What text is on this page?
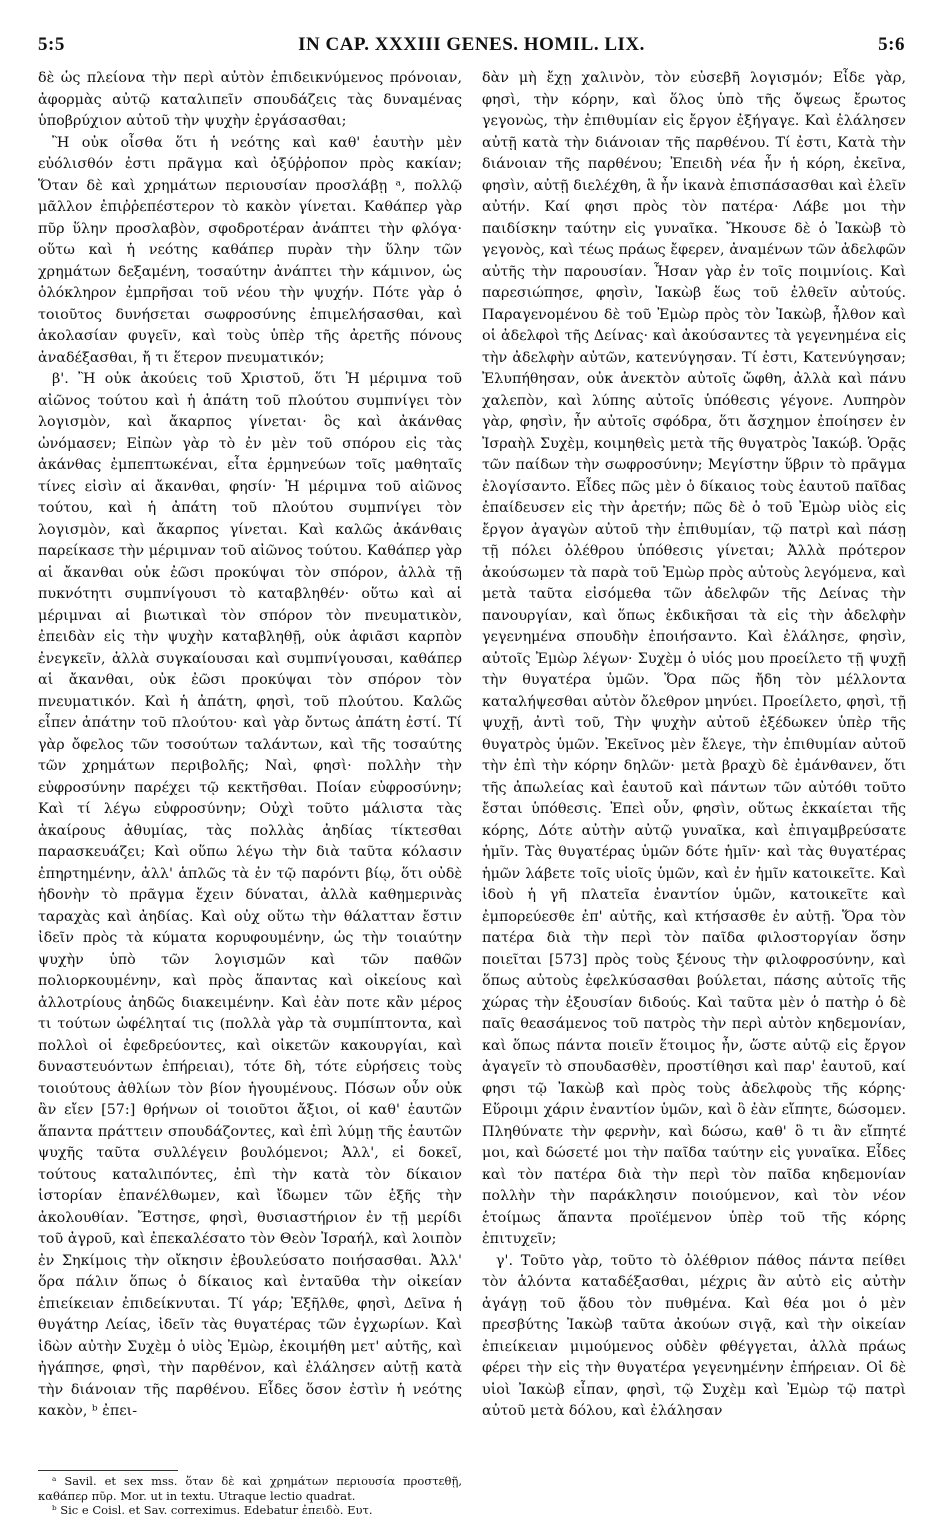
5:5	IN CAP. XXXIII GENES. HOMIL. LIX.	5:6

δὲ ὡς πλείονα τὴν περὶ αὐτὸν ἐπιδεικνύμενος πρόνοιαν, ἀφορμὰς αὐτῷ καταλιπεῖν σπουδάζεις τὰς δυναμένας ὑποβρύχιον αὐτοῦ τὴν ψυχὴν ἐργάσασθαι;

Ἢ οὐκ οἶσθα ὅτι ἡ νεότης καὶ καθ' ἑαυτὴν μὲν εὐόλισθόν ἐστι πρᾶγμα καὶ ὀξύῤῥοπον πρὸς κακίαν; Ὅταν δὲ καὶ χρημάτων περιουσίαν προσλάβῃ ᵃ, πολλῷ μᾶλλον ἐπιῤῥεπέστερον τὸ κακὸν γίνεται. Καθάπερ γὰρ πῦρ ὕλην προσλαβὸν, σφοδροτέραν ἀνάπτει τὴν φλόγα· οὕτω καὶ ἡ νεότης καθάπερ πυρὰν τὴν ὕλην τῶν χρημάτων δεξαμένη, τοσαύτην ἀνάπτει τὴν κάμινον, ὡς ὁλόκληρον ἐμπρῆσαι τοῦ νέου τὴν ψυχήν. Πότε γὰρ ὁ τοιοῦτος δυνήσεται σωφροσύνης ἐπιμελήσασθαι, καὶ ἀκολασίαν φυγεῖν, καὶ τοὺς ὑπὲρ τῆς ἀρετῆς πόνους ἀναδέξασθαι, ἤ τι ἕτερον πνευματικόν;

β'. Ἢ οὐκ ἀκούεις τοῦ Χριστοῦ, ὅτι Ἡ μέριμνα τοῦ αἰῶνος τούτου καὶ ἡ ἀπάτη τοῦ πλούτου συμπνίγει τὸν λογισμὸν, καὶ ἄκαρπος γίνεται· ὃς καὶ ἀκάνθας ὠνόμασεν; Εἰπὼν γὰρ τὸ ἐν μὲν τοῦ σπόρου εἰς τὰς ἀκάνθας ἐμπεπτωκέναι, εἶτα ἑρμηνεύων τοῖς μαθηταῖς τίνες εἰσὶν αἱ ἄκανθαι, φησίν· Ἡ μέριμνα τοῦ αἰῶνος τούτου, καὶ ἡ ἀπάτη τοῦ πλούτου συμπνίγει τὸν λογισμὸν, καὶ ἄκαρπος γίνεται. Καὶ καλῶς ἀκάνθαις παρείκασε τὴν μέριμναν τοῦ αἰῶνος τούτου. Καθάπερ γὰρ αἱ ἄκανθαι οὐκ ἐῶσι προκύψαι τὸν σπόρον, ἀλλὰ τῇ πυκνότητι συμπνίγουσι τὸ καταβληθέν· οὕτω καὶ αἱ μέριμναι αἱ βιωτικαὶ τὸν σπόρον τὸν πνευματικὸν, ἐπειδὰν εἰς τὴν ψυχὴν καταβληθῇ, οὐκ ἀφιᾶσι καρπὸν ἐνεγκεῖν, ἀλλὰ συγκαίουσαι καὶ συμπνίγουσαι, καθάπερ αἱ ἄκανθαι, οὐκ ἐῶσι προκύψαι τὸν σπόρον τὸν πνευματικόν. Καὶ ἡ ἀπάτη, φησὶ, τοῦ πλούτου. Καλῶς εἶπεν ἀπάτην τοῦ πλούτου· καὶ γὰρ ὄντως ἀπάτη ἐστί. Τί γὰρ ὄφελος τῶν τοσούτων ταλάντων, καὶ τῆς τοσαύτης τῶν χρημάτων περιβολῆς; Ναὶ, φησὶ· πολλὴν τὴν εὐφροσύνην παρέχει τῷ κεκτῆσθαι. Ποίαν εὐφροσύνην; Καὶ τί λέγω εὐφροσύνην; Οὐχὶ τοῦτο μάλιστα τὰς ἀκαίρους ἀθυμίας, τὰς πολλὰς ἀηδίας τίκτεσθαι παρασκευάζει; Καὶ οὕπω λέγω τὴν διὰ ταῦτα κόλασιν ἐπηρτημένην, ἀλλ' ἁπλῶς τὰ ἐν τῷ παρόντι βίῳ, ὅτι οὐδὲ ἡδονὴν τὸ πρᾶγμα ἔχειν δύναται, ἀλλὰ καθημερινὰς ταραχὰς καὶ ἀηδίας. Καὶ οὐχ οὕτω τὴν θάλατταν ἔστιν ἰδεῖν πρὸς τὰ κύματα κορυφουμένην, ὡς τὴν τοιαύτην ψυχὴν ὑπὸ τῶν λογισμῶν καὶ τῶν παθῶν πολιορκουμένην, καὶ πρὸς ἅπαντας καὶ οἰκείους καὶ ἀλλοτρίους ἀηδῶς διακειμένην. Καὶ ἐὰν ποτε κἂν μέρος τι τούτων ὠφέληταί τις (πολλὰ γὰρ τὰ συμπίπτοντα, καὶ πολλοὶ οἱ ἐφεδρεύοντες, καὶ οἰκετῶν κακουργίαι, καὶ δυναστευόντων ἐπήρειαι), τότε δὴ, τότε εὑρήσεις τοὺς τοιούτους ἀθλίων τὸν βίον ἡγουμένους. Πόσων οὖν οὐκ ἂν εἴεν [57:] θρήνων οἱ τοιοῦτοι ἄξιοι, οἱ καθ' ἑαυτῶν ἅπαντα πράττειν σπουδάζοντες, καὶ ἐπὶ λύμῃ τῆς ἑαυτῶν ψυχῆς ταῦτα συλλέγειν βουλόμενοι; Ἀλλ', εἰ δοκεῖ, τούτους καταλιπόντες, ἐπὶ τὴν κατὰ τὸν δίκαιον ἱστορίαν ἐπανέλθωμεν, καὶ ἴδωμεν τῶν ἑξῆς τὴν ἀκολουθίαν. Ἔστησε, φησὶ, θυσιαστήριον ἐν τῇ μερίδι τοῦ ἀγροῦ, καὶ ἐπεκαλέσατο τὸν Θεὸν Ἰσραήλ, καὶ λοιπὸν ἐν Σηκίμοις τὴν οἴκησιν ἐβουλεύσατο ποιήσασθαι. Ἀλλ' ὅρα πάλιν ὅπως ὁ δίκαιος καὶ ἐνταῦθα τὴν οἰκείαν ἐπιείκειαν ἐπιδείκνυται. Τί γάρ; Ἐξῆλθε, φησὶ, Δεῖνα ἡ θυγάτηρ Λείας, ἰδεῖν τὰς θυγατέρας τῶν ἐγχωρίων. Καὶ ἰδὼν αὐτὴν Συχὲμ ὁ υἱὸς Ἐμὼρ, ἐκοιμήθη μετ' αὐτῆς, καὶ ἠγάπησε, φησὶ, τὴν παρθένον, καὶ ἐλάλησεν αὐτῇ κατὰ τὴν διάνοιαν τῆς παρθένου. Εἶδες ὅσον ἐστὶν ἡ νεότης κακὸν, ᵇ ἐπει-

δὰν μὴ ἔχῃ χαλινὸν, τὸν εὐσεβῆ λογισμόν; Εἶδε γὰρ, φησὶ, τὴν κόρην, καὶ ὅλος ὑπὸ τῆς ὄψεως ἔρωτος γεγονὼς, τὴν ἐπιθυμίαν εἰς ἔργον ἐξήγαγε. Καὶ ἐλάλησεν αὐτῇ κατὰ τὴν διάνοιαν τῆς παρθένου. Τί ἐστι, Κατὰ τὴν διάνοιαν τῆς παρθένου; Ἐπειδὴ νέα ἦν ἡ κόρη, ἐκεῖνα, φησὶν, αὐτῇ διελέχθη, ἃ ἦν ἱκανὰ ἐπισπάσασθαι καὶ ἑλεῖν αὐτήν. Καί φησι πρὸς τὸν πατέρα· Λάβε μοι τὴν παιδίσκην ταύτην εἰς γυναῖκα. Ἤκουσε δὲ ὁ Ἰακὼβ τὸ γεγονὸς, καὶ τέως πράως ἔφερεν, ἀναμένων τῶν ἀδελφῶν αὐτῆς τὴν παρουσίαν. Ἦσαν γὰρ ἐν τοῖς ποιμνίοις. Καὶ παρεσιώπησε, φησὶν, Ἰακὼβ ἕως τοῦ ἐλθεῖν αὐτούς. Παραγενομένου δὲ τοῦ Ἐμὼρ πρὸς τὸν Ἰακὼβ, ἦλθον καὶ οἱ ἀδελφοὶ τῆς Δείνας· καὶ ἀκούσαντες τὰ γεγενημένα εἰς τὴν ἀδελφὴν αὐτῶν, κατενύγησαν. Τί ἐστι, Κατενύγησαν; Ἐλυπήθησαν, οὐκ ἀνεκτὸν αὐτοῖς ὤφθη, ἀλλὰ καὶ πάνυ χαλεπὸν, καὶ λύπης αὐτοῖς ὑπόθεσις γέγονε. Λυπηρὸν γὰρ, φησὶν, ἦν αὐτοῖς σφόδρα, ὅτι ἄσχημον ἐποίησεν ἐν Ἰσραὴλ Συχὲμ, κοιμηθεὶς μετὰ τῆς θυγατρὸς Ἰακώβ. Ὁρᾷς τῶν παίδων τὴν σωφροσύνην; Μεγίστην ὕβριν τὸ πρᾶγμα ἐλογίσαντο. Εἶδες πῶς μὲν ὁ δίκαιος τοὺς ἑαυτοῦ παῖδας ἐπαίδευσεν εἰς τὴν ἀρετήν; πῶς δὲ ὁ τοῦ Ἐμὼρ υἱὸς εἰς ἔργον ἀγαγὼν αὐτοῦ τὴν ἐπιθυμίαν, τῷ πατρὶ καὶ πάσῃ τῇ πόλει ὀλέθρου ὑπόθεσις γίνεται; Ἀλλὰ πρότερον ἀκούσωμεν τὰ παρὰ τοῦ Ἐμὼρ πρὸς αὐτοὺς λεγόμενα, καὶ μετὰ ταῦτα εἰσόμεθα τῶν ἀδελφῶν τῆς Δείνας τὴν πανουργίαν, καὶ ὅπως ἐκδικῆσαι τὰ εἰς τὴν ἀδελφὴν γεγενημένα σπουδὴν ἐποιήσαντο. Καὶ ἐλάλησε, φησὶν, αὐτοῖς Ἐμὼρ λέγων· Συχὲμ ὁ υἱός μου προείλετο τῇ ψυχῇ τὴν θυγατέρα ὑμῶν. Ὅρα πῶς ἤδη τὸν μέλλοντα καταλήψεσθαι αὐτὸν ὄλεθρον μηνύει. Προείλετο, φησὶ, τῇ ψυχῇ, ἀντὶ τοῦ, Τὴν ψυχὴν αὐτοῦ ἐξέδωκεν ὑπὲρ τῆς θυγατρὸς ὑμῶν. Ἐκεῖνος μὲν ἔλεγε, τὴν ἐπιθυμίαν αὐτοῦ τὴν ἐπὶ τὴν κόρην δηλῶν· μετὰ βραχὺ δὲ ἐμάνθανεν, ὅτι τῆς ἀπωλείας καὶ ἑαυτοῦ καὶ πάντων τῶν αὐτόθι τοῦτο ἔσται ὑπόθεσις. Ἐπεὶ οὖν, φησὶν, οὕτως ἐκκαίεται τῆς κόρης, Δότε αὐτὴν αὐτῷ γυναῖκα, καὶ ἐπιγαμβρεύσατε ἡμῖν. Τὰς θυγατέρας ὑμῶν δότε ἡμῖν· καὶ τὰς θυγατέρας ἡμῶν λάβετε τοῖς υἱοῖς ὑμῶν, καὶ ἐν ἡμῖν κατοικεῖτε. Καὶ ἰδοὺ ἡ γῆ πλατεῖα ἐναντίον ὑμῶν, κατοικεῖτε καὶ ἐμπορεύεσθε ἐπ' αὐτῆς, καὶ κτήσασθε ἐν αὐτῇ. Ὅρα τὸν πατέρα διὰ τὴν περὶ τὸν παῖδα φιλοστοργίαν ὅσην ποιεῖται [573] πρὸς τοὺς ξένους τὴν φιλοφροσύνην, καὶ ὅπως αὐτοὺς ἐφελκύσασθαι βούλεται, πάσης αὐτοῖς τῆς χώρας τὴν ἐξουσίαν διδούς. Καὶ ταῦτα μὲν ὁ πατὴρ ὁ δὲ παῖς θεασάμενος τοῦ πατρὸς τὴν περὶ αὐτὸν κηδεμονίαν, καὶ ὅπως πάντα ποιεῖν ἕτοιμος ἦν, ὥστε αὐτῷ εἰς ἔργον ἀγαγεῖν τὸ σπουδασθὲν, προστίθησι καὶ παρ' ἑαυτοῦ, καί φησι τῷ Ἰακὼβ καὶ πρὸς τοὺς ἀδελφοὺς τῆς κόρης· Εὕροιμι χάριν ἐναντίον ὑμῶν, καὶ ὃ ἐὰν εἴπητε, δώσομεν. Πληθύνατε τὴν φερνὴν, καὶ δώσω, καθ' ὃ τι ἂν εἴπητέ μοι, καὶ δώσετέ μοι τὴν παῖδα ταύτην εἰς γυναῖκα. Εἶδες καὶ τὸν πατέρα διὰ τὴν περὶ τὸν παῖδα κηδεμονίαν πολλὴν τὴν παράκλησιν ποιούμενον, καὶ τὸν νέον ἑτοίμως ἅπαντα προϊέμενον ὑπὲρ τοῦ τῆς κόρης ἐπιτυχεῖν;

γ'. Τοῦτο γὰρ, τοῦτο τὸ ὀλέθριον πάθος πάντα πείθει τὸν ἁλόντα καταδέξασθαι, μέχρις ἂν αὐτὸ εἰς αὐτὴν ἀγάγῃ τοῦ ᾅδου τὸν πυθμένα. Καὶ θέα μοι ὁ μὲν πρεσβύτης Ἰακὼβ ταῦτα ἀκούων σιγᾷ, καὶ τὴν οἰκείαν ἐπιείκειαν μιμούμενος οὐδὲν φθέγγεται, ἀλλὰ πράως φέρει τὴν εἰς τὴν θυγατέρα γεγενημένην ἐπήρειαν. Οἱ δὲ υἱοὶ Ἰακὼβ εἶπαν, φησὶ, τῷ Συχὲμ καὶ Ἐμὼρ τῷ πατρὶ αὐτοῦ μετὰ δόλου, καὶ ἐλάλησαν

ᵃ Savil. et sex mss. ὅταν δὲ καὶ χρημάτων περιουσία προστεθῇ, καθάπερ πῦρ. Mor. ut in textu. Utraque lectio quadrat.

ᵇ Sic e Coisl. et Sav. correximus. Edebatur ἐπειδὸ. Ευτ.
